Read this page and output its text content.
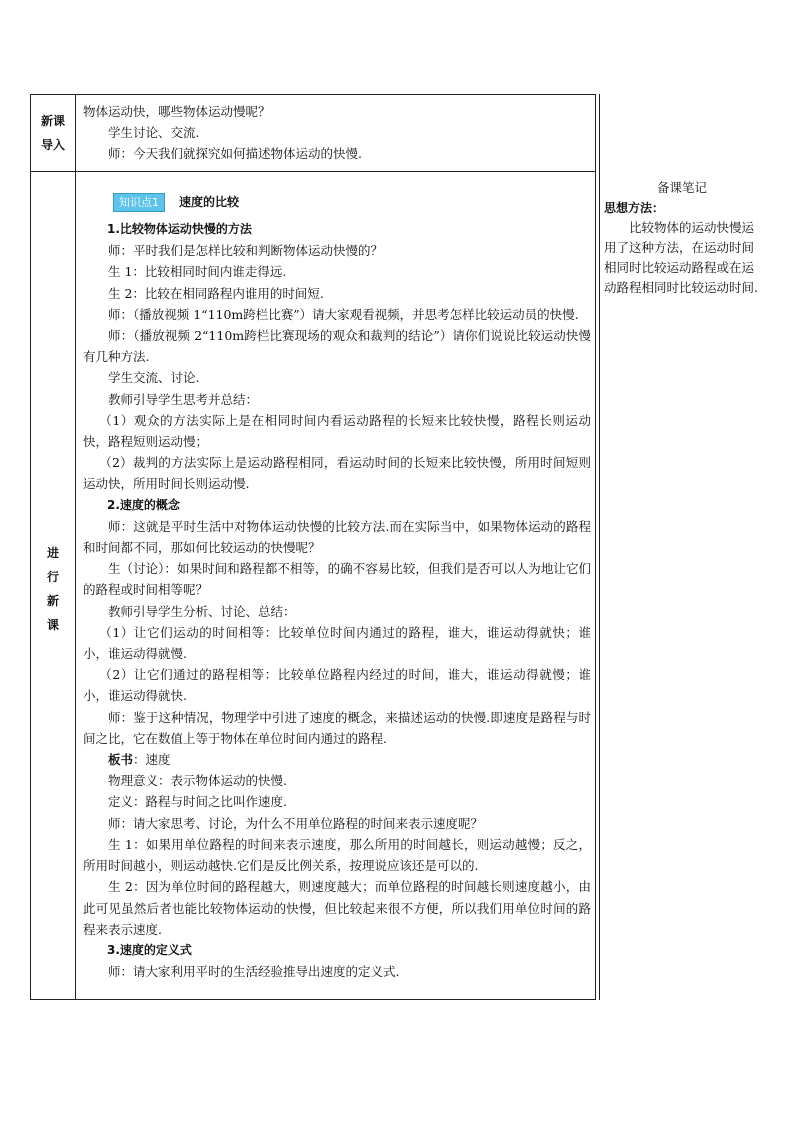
新课
导入
进
行
新
课

物体运动快，哪些物体运动慢呢？

学生讨论、交流.

师：今天我们就探究如何描述物体运动的快慢.

知识点1 速度的比较

1.比较物体运动快慢的方法

师：平时我们是怎样比较和判断物体运动快慢的？

生 1：比较相同时间内谁走得远.

生 2：比较在相同路程内谁用的时间短.

师：（播放视频 1“110m跨栏比赛”）请大家观看视频，并思考怎样比较运动员的快慢.

师：（播放视频 2“110m跨栏比赛现场的观众和裁判的结论”）请你们说说比较运动快慢有几种方法.

学生交流、讨论.

教师引导学生思考并总结：

（1）观众的方法实际上是在相同时间内看运动路程的长短来比较快慢，路程长则运动快，路程短则运动慢；

（2）裁判的方法实际上是运动路程相同，看运动时间的长短来比较快慢，所用时间短则运动快，所用时间长则运动慢.

2.速度的概念

师：这就是平时生活中对物体运动快慢的比较方法.而在实际当中，如果物体运动的路程和时间都不同，那如何比较运动的快慢呢？

生（讨论）：如果时间和路程都不相等，的确不容易比较，但我们是否可以人为地让它们的路程或时间相等呢？

教师引导学生分析、讨论、总结：

（1）让它们运动的时间相等：比较单位时间内通过的路程，谁大，谁运动得就快；谁小，谁运动得就慢.

（2）让它们通过的路程相等：比较单位路程内经过的时间，谁大，谁运动得就慢；谁小，谁运动得就快.

师：鉴于这种情况，物理学中引进了速度的概念，来描述运动的快慢.即速度是路程与时间之比，它在数值上等于物体在单位时间内通过的路程.

板书：速度

物理意义：表示物体运动的快慢.

定义：路程与时间之比叫作速度.

师：请大家思考、讨论，为什么不用单位路程的时间来表示速度呢？

生 1：如果用单位路程的时间来表示速度，那么所用的时间越长，则运动越慢；反之，所用时间越小，则运动越快.它们是反比例关系，按理说应该还是可以的.

生 2：因为单位时间的路程越大，则速度越大；而单位路程的时间越长则速度越小，由此可见虽然后者也能比较物体运动的快慢，但比较起来很不方便，所以我们用单位时间的路程来表示速度.

3.速度的定义式

师：请大家利用平时的生活经验推导出速度的定义式.

备课笔记

思想方法：

比较物体的运动快慢运用了这种方法，在运动时间相同时比较运动路程或在运动路程相同时比较运动时间.
